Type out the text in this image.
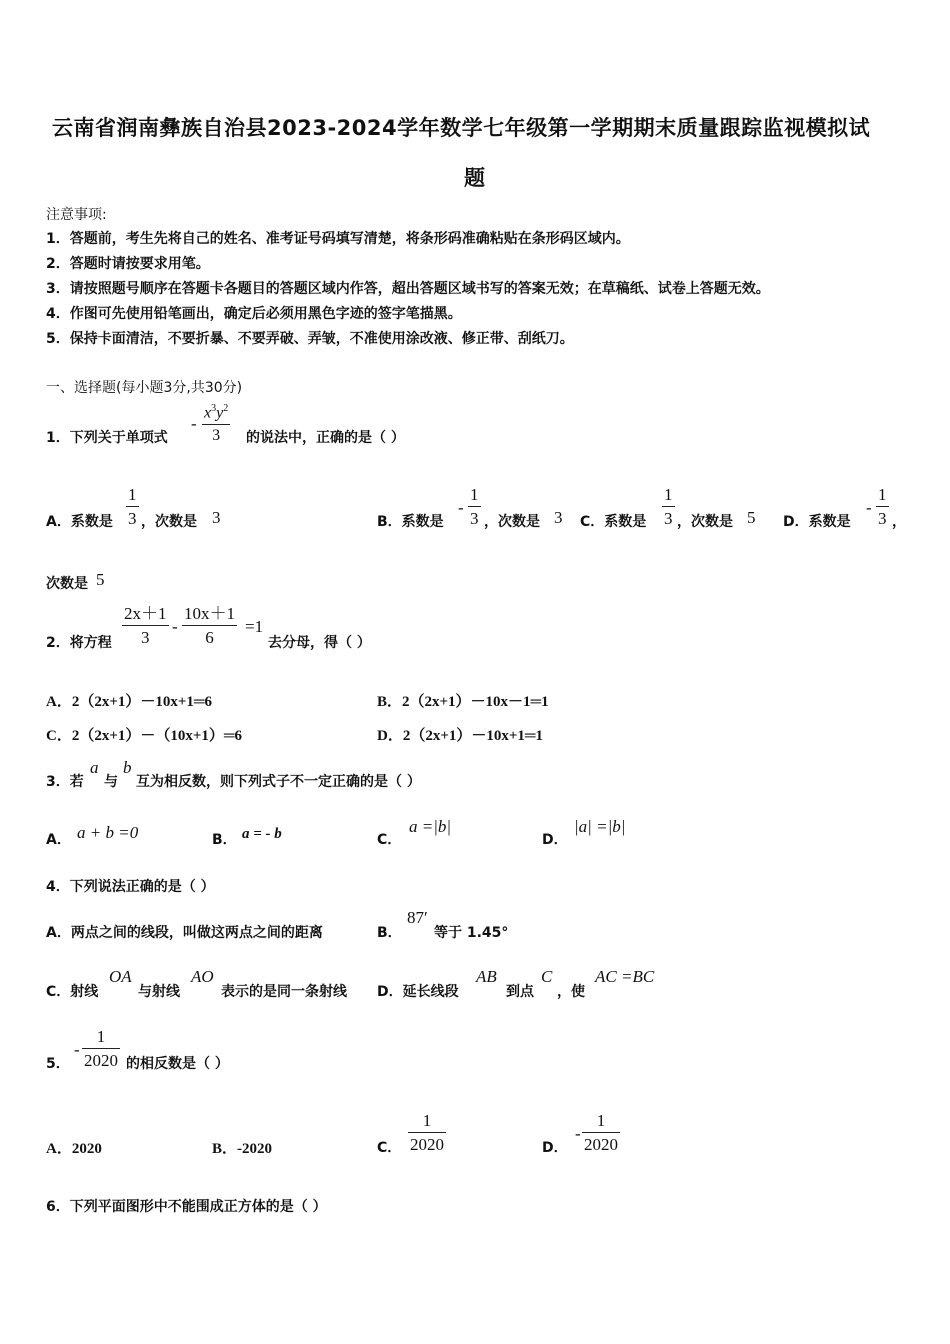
云南省润南彝族自治县2023-2024学年数学七年级第一学期期末质量跟踪监视模拟试
题
注意事项:
1．答题前，考生先将自己的姓名、准考证号码填写清楚，将条形码准确粘贴在条形码区域内。
2．答题时请按要求用笔。
3．请按照题号顺序在答题卡各题目的答题区域内作答，超出答题区域书写的答案无效；在草稿纸、试卷上答题无效。
4．作图可先使用铅笔画出，确定后必须用黑色字迹的签字笔描黑。
5．保持卡面清洁，不要折暴、不要弄破、弄皱，不准使用涂改液、修正带、刮纸刀。
一、选择题(每小题3分,共30分)
1．下列关于单项式
- $\frac{x^3y^2}{3}$ 的说法中，正确的是（ ）
A．系数是 $\frac{1}{3}$ ，次数是 3	B．系数是
- $\frac{1}{3}$ ，次数是 3 C．系数是 $\frac{1}{3}$ ，次数是 5 D．系数是
- $\frac{1}{3}$ ，
次数是 5
2．将方程 $\frac{2x+1}{3} - \frac{10x+1}{6} =1$
去分母，得（ ）
A．2（2x+1）－10x+1═6	B．2（2x+1）－10x－1═1
C．2（2x+1）－（10x+1）═6	D．2（2x+1）－10x+1═1
3．若
a
与
b
互为相反数，则下列式子不一定正确的是（ ）
A． a + b =0	B． a = - b	C．
a =|b|
D．
|a| =|b|
4．下列说法正确的是（ ）
A．两点之间的线段，叫做这两点之间的距离	B．
87′
等于 1.45°
C．射线
OA
与射线
AO
表示的是同一条射线 D．延长线段
AB
到点
C
，使
AC =BC
5．
- $\frac{1}{2020}$ 的相反数是（ ）
A．2020	B．-2020	C． $\frac{1}{2020}$	D．
- $\frac{1}{2020}$
6．下列平面图形中不能围成正方体的是（ ）
